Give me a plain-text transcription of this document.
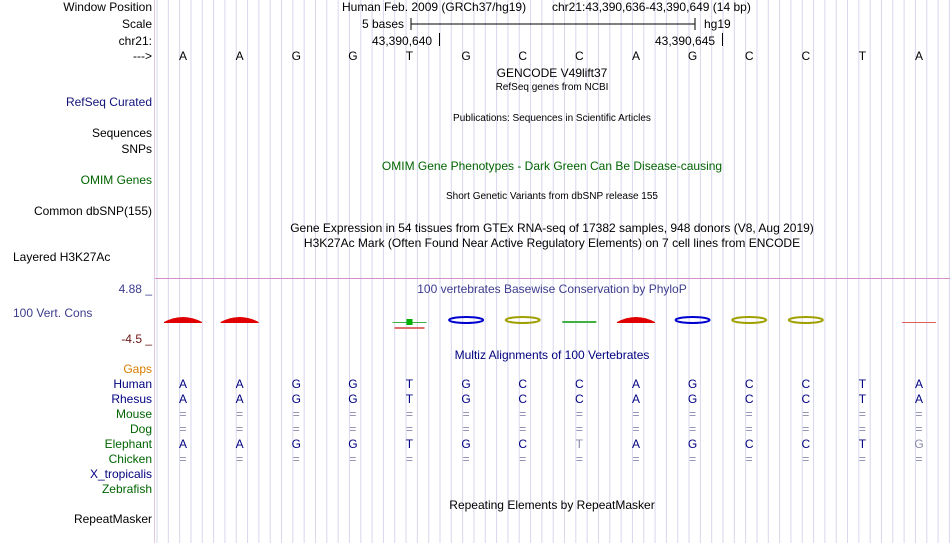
Window Position
Scale
chr21:
--->
Human Feb. 2009 (GRCh37/hg19) chr21:43,390,636-43,390,649 (14 bp)
5 bases	hg19
43,390,640	43,390,645
A	A	G	G	T	G	C	C	A	G	C	C	T	A
GENCODE V49lift37
RefSeq genes from NCBI
RefSeq Curated
Publications: Sequences in Scientific Articles
Sequences
SNPs
OMIM Gene Phenotypes - Dark Green Can Be Disease-causing
OMIM Genes
Short Genetic Variants from dbSNP release 155
Common dbSNP(155)
Gene Expression in 54 tissues from GTEx RNA-seq of 17382 samples, 948 donors (V8, Aug 2019)
H3K27Ac Mark (Often Found Near Active Regulatory Elements) on 7 cell lines from ENCODE
Layered H3K27Ac
100 vertebrates Basewise Conservation by PhyloP
4.88 _
100 Vert. Cons
-4.5 _
Multiz Alignments of 100 Vertebrates
Gaps
Human A	A	G	G	T	G	C	C	A	G	C	C	T	A
Rhesus A	A	G	G	T	G	C	C	A	G	C	C	T	A
Mouse =	=	=	=	=	=	=	=	=	=	=	=	=	=
Dog =	=	=	=	=	=	=	=	=	=	=	=	=	=
Elephant A	A	G	G	T	G	C	T	A	G	C	C	T	G
Chicken =	=	=	=	=	=	=	=	=	=	=	=	=	=
X_tropicalis
Zebrafish
Repeating Elements by RepeatMasker
RepeatMasker
